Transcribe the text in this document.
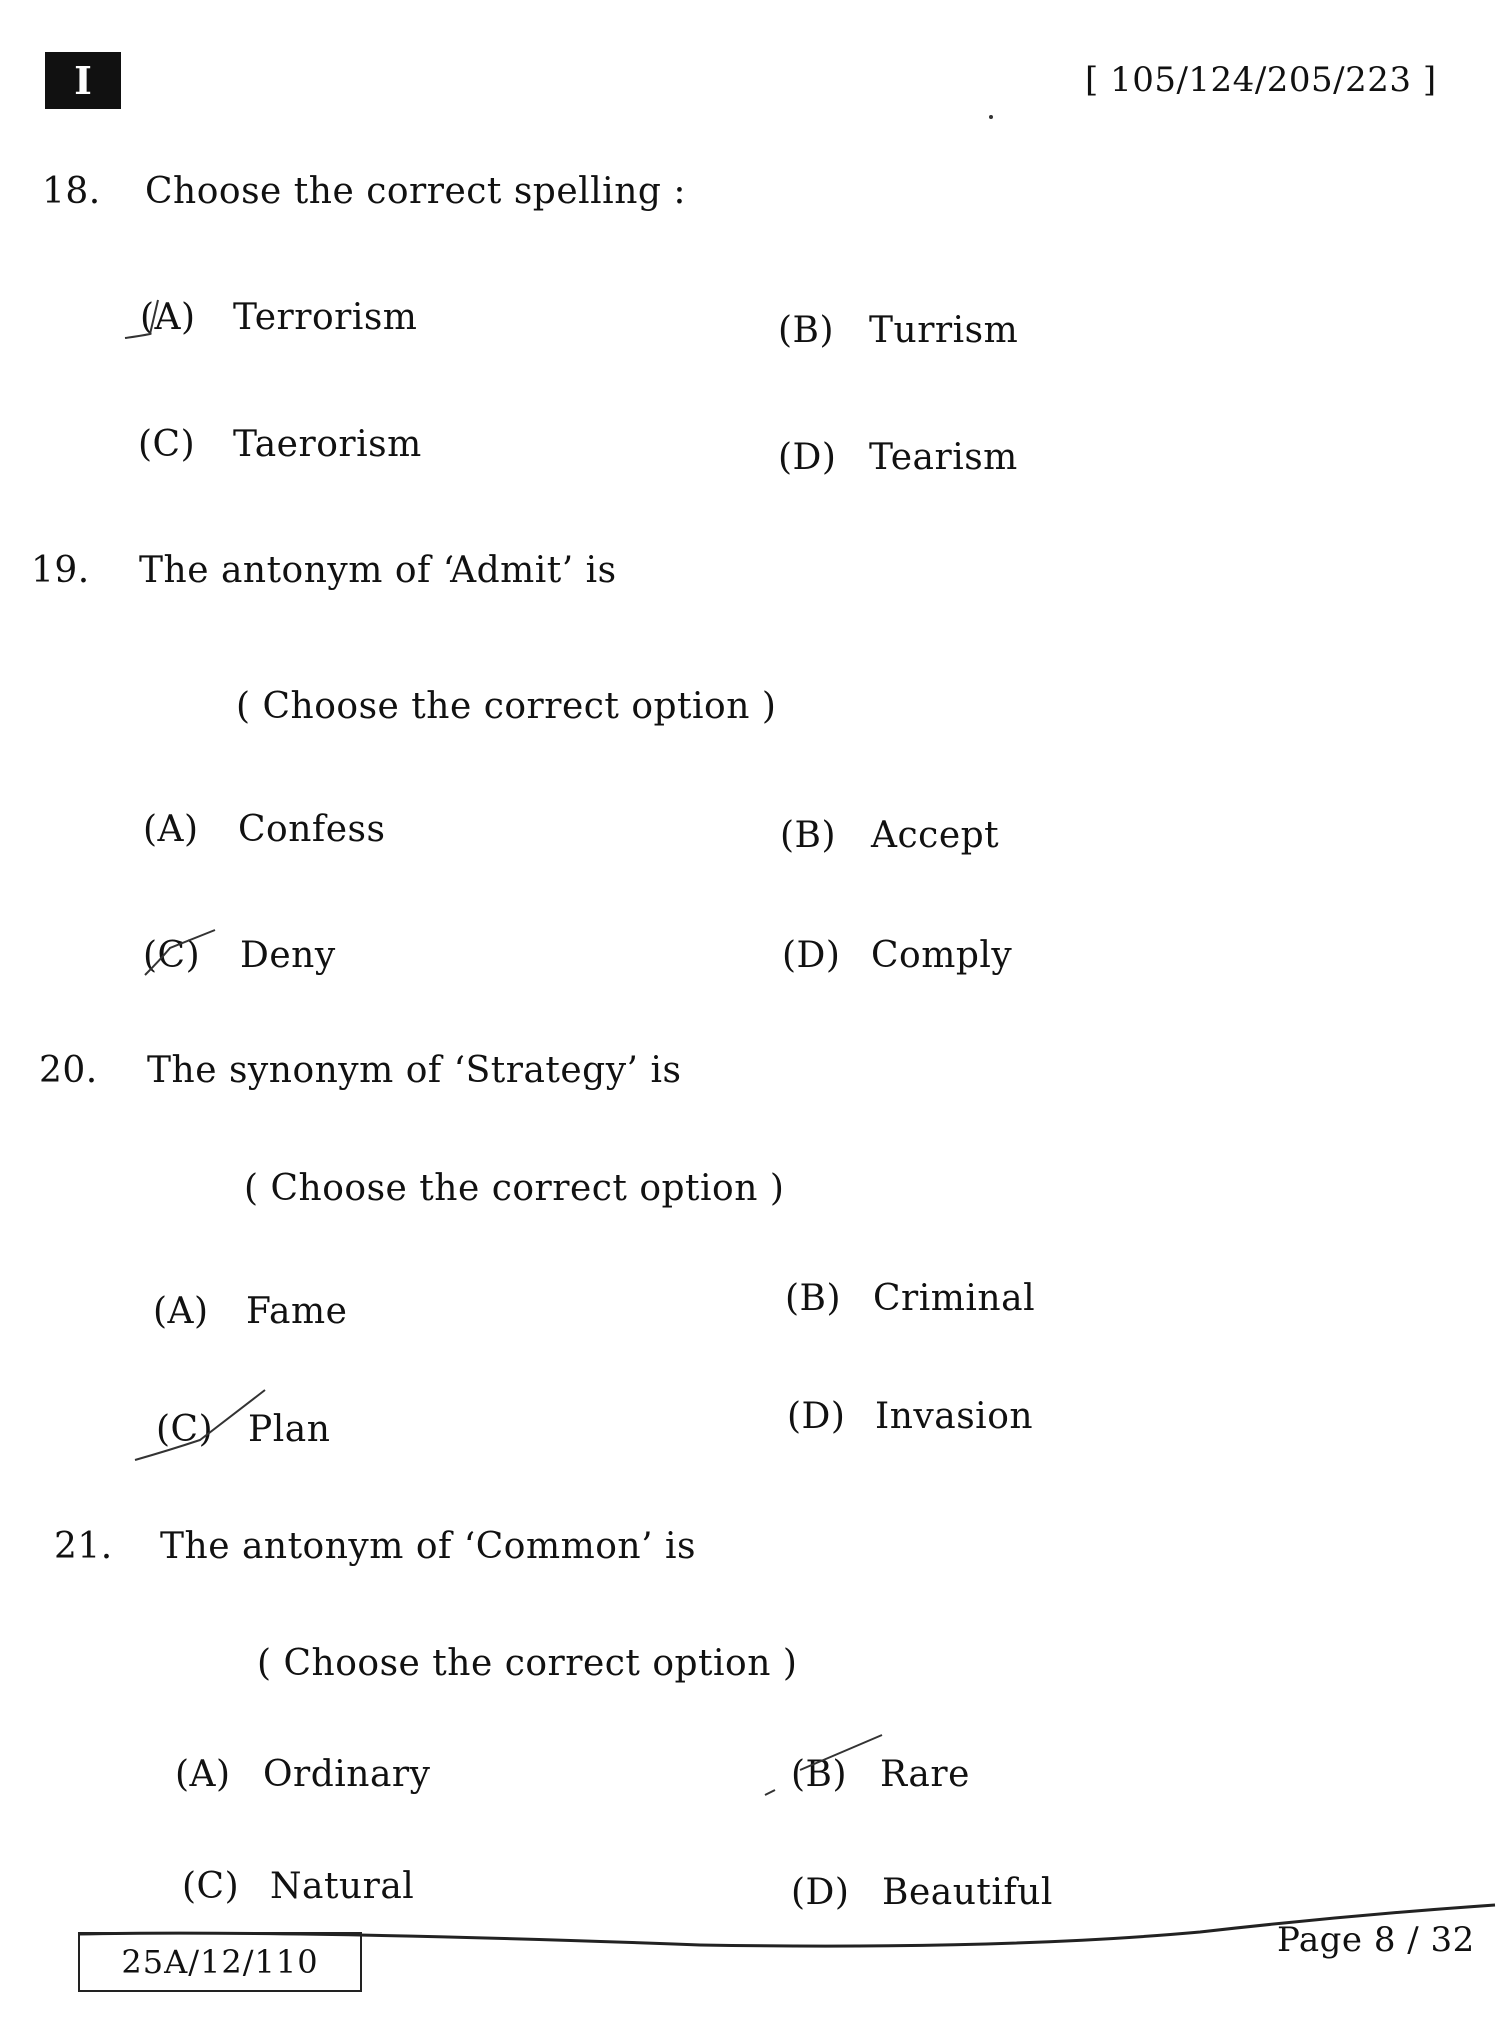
I	[ 105/124/205/223 ]
18. Choose the correct spelling :
(A) Terrorism	(B) Turrism
(C) Taerorism	(D) Tearism
19. The antonym of ‘Admit’ is
( Choose the correct option )
(A) Confess	(B) Accept
(C) Deny	(D) Comply
20. The synonym of ‘Strategy’ is
( Choose the correct option )
(A) Fame	(B) Criminal
(C) Plan	(D) Invasion
21. The antonym of ‘Common’ is
( Choose the correct option )
(A) Ordinary	(B) Rare
(C) Natural	(D) Beautiful
25A/12/110
Page 8 / 32
